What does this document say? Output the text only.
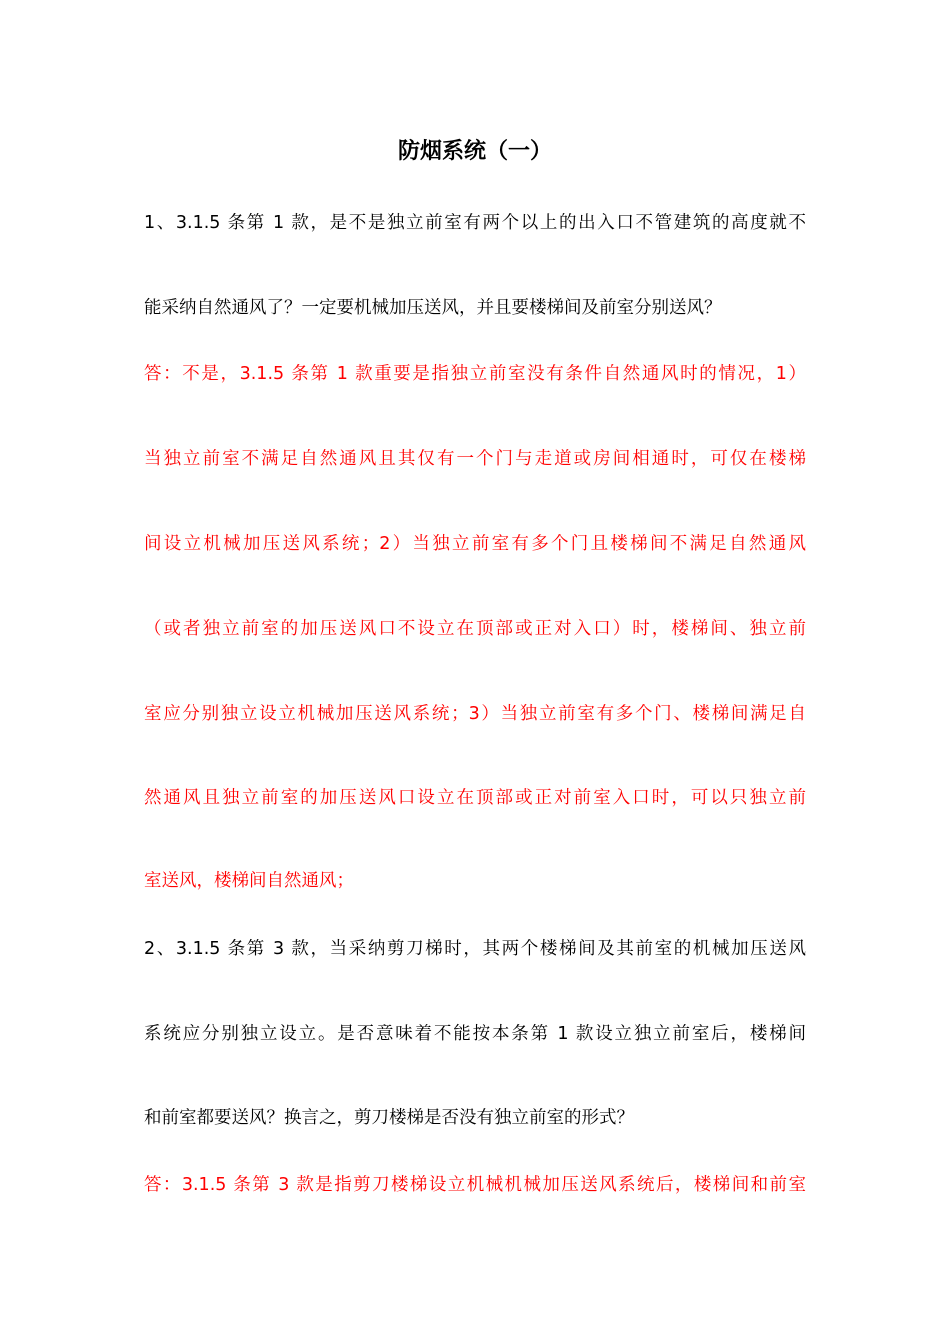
防烟系统（一）

1、3.1.5 条第 1 款，是不是独立前室有两个以上的出入口不管建筑的高度就不

能采纳自然通风了？一定要机械加压送风，并且要楼梯间及前室分别送风？

答：不是，3.1.5 条第 1 款重要是指独立前室没有条件自然通风时的情况，1）

当独立前室不满足自然通风且其仅有一个门与走道或房间相通时，可仅在楼梯

间设立机械加压送风系统；2）当独立前室有多个门且楼梯间不满足自然通风

（或者独立前室的加压送风口不设立在顶部或正对入口）时，楼梯间、独立前

室应分别独立设立机械加压送风系统；3）当独立前室有多个门、楼梯间满足自

然通风且独立前室的加压送风口设立在顶部或正对前室入口时，可以只独立前

室送风，楼梯间自然通风；

2、3.1.5 条第 3 款，当采纳剪刀梯时，其两个楼梯间及其前室的机械加压送风

系统应分别独立设立。是否意味着不能按本条第 1 款设立独立前室后，楼梯间

和前室都要送风？换言之，剪刀楼梯是否没有独立前室的形式？

答：3.1.5 条第 3 款是指剪刀楼梯设立机械机械加压送风系统后，楼梯间和前室
